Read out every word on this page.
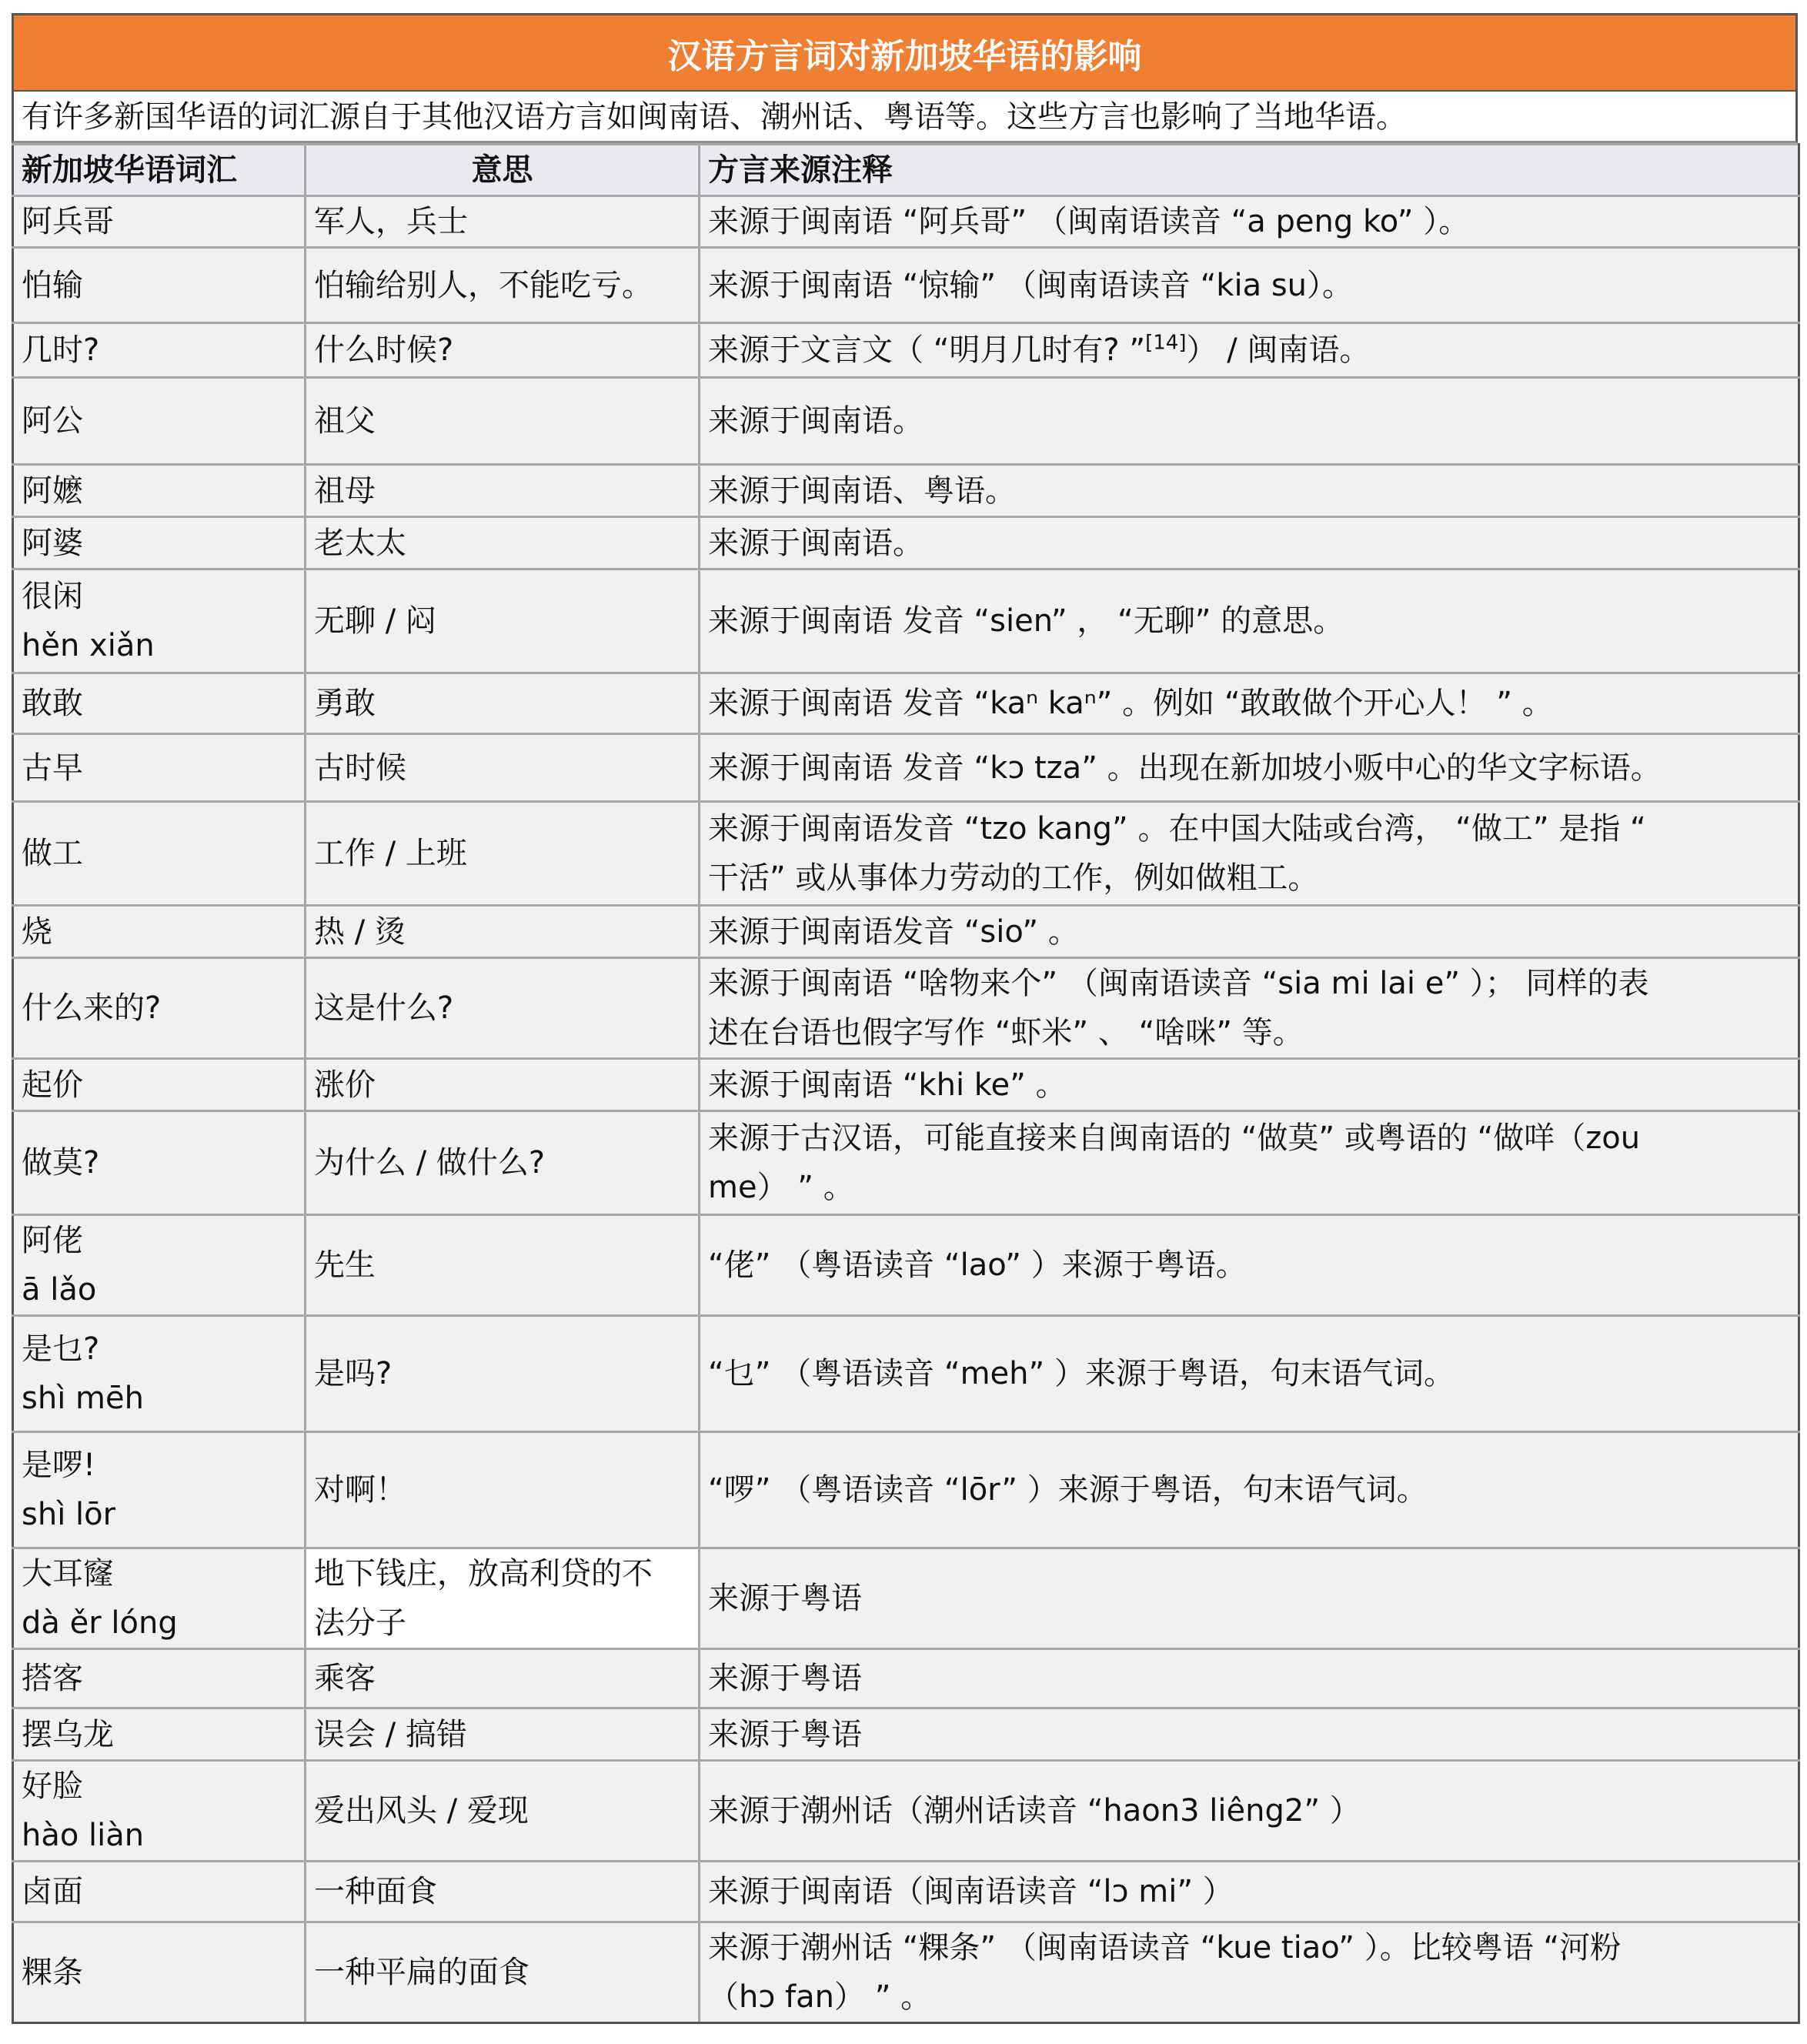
汉语方言词对新加坡华语的影响
有许多新国华语的词汇源自于其他汉语方言如闽南语、潮州话、粤语等。这些方言也影响了当地华语。
新加坡华语词汇	意思	方言来源注释

阿兵哥	军人，兵士	来源于闽南语 “阿兵哥” （闽南语读音 “a peng ko” ）。

怕输	怕输给别人，不能吃亏。	来源于闽南语 “惊输” （闽南语读音 “kia su）。

几时?	什么时候?	来源于文言文（ “明月几时有? ”[14]） / 闽南语。

阿公	祖父	来源于闽南语。

阿嬷	祖母	来源于闽南语、粤语。

阿婆	老太太	来源于闽南语。

很闲
hěn xiǎn	无聊 / 闷	来源于闽南语 发音 “sien” ， “无聊” 的意思。

敢敢	勇敢	来源于闽南语 发音 “kaⁿ kaⁿ” 。例如 “敢敢做个开心人！ ” 。

古早	古时候	来源于闽南语 发音 “kɔ tza” 。出现在新加坡小贩中心的华文字标语。

做工	工作 / 上班	来源于闽南语发音 “tzo kang” 。在中国大陆或台湾， “做工” 是指 “
干活” 或从事体力劳动的工作，例如做粗工。

烧	热 / 烫	来源于闽南语发音 “sio” 。

什么来的?	这是什么?	来源于闽南语 “啥物来个” （闽南语读音 “sia mi lai e” ）； 同样的表
述在台语也假字写作 “虾米” 、 “啥咪” 等。

起价	涨价	来源于闽南语 “khi ke” 。

做莫?	为什么 / 做什么?	来源于古汉语，可能直接来自闽南语的 “做莫” 或粤语的 “做咩（zou
me） ” 。

阿佬
ā lǎo	先生	“佬” （粤语读音 “lao” ）来源于粤语。

是乜?
shì mēh	是吗?	“乜” （粤语读音 “meh” ）来源于粤语，句末语气词。

是啰!
shì lōr	对啊！	“啰” （粤语读音 “lōr” ）来源于粤语，句末语气词。

大耳窿
dà ěr lóng	地下钱庄，放高利贷的不
法分子	来源于粤语

搭客	乘客	来源于粤语

摆乌龙	误会 / 搞错	来源于粤语

好脸
hào liàn	爱出风头 / 爱现	来源于潮州话（潮州话读音 “haon3 liêng2” ）

卤面	一种面食	来源于闽南语（闽南语读音 “lɔ mi” ）

粿条	一种平扁的面食	来源于潮州话 “粿条” （闽南语读音 “kue tiao” ）。比较粤语 “河粉
（hɔ fan） ” 。
